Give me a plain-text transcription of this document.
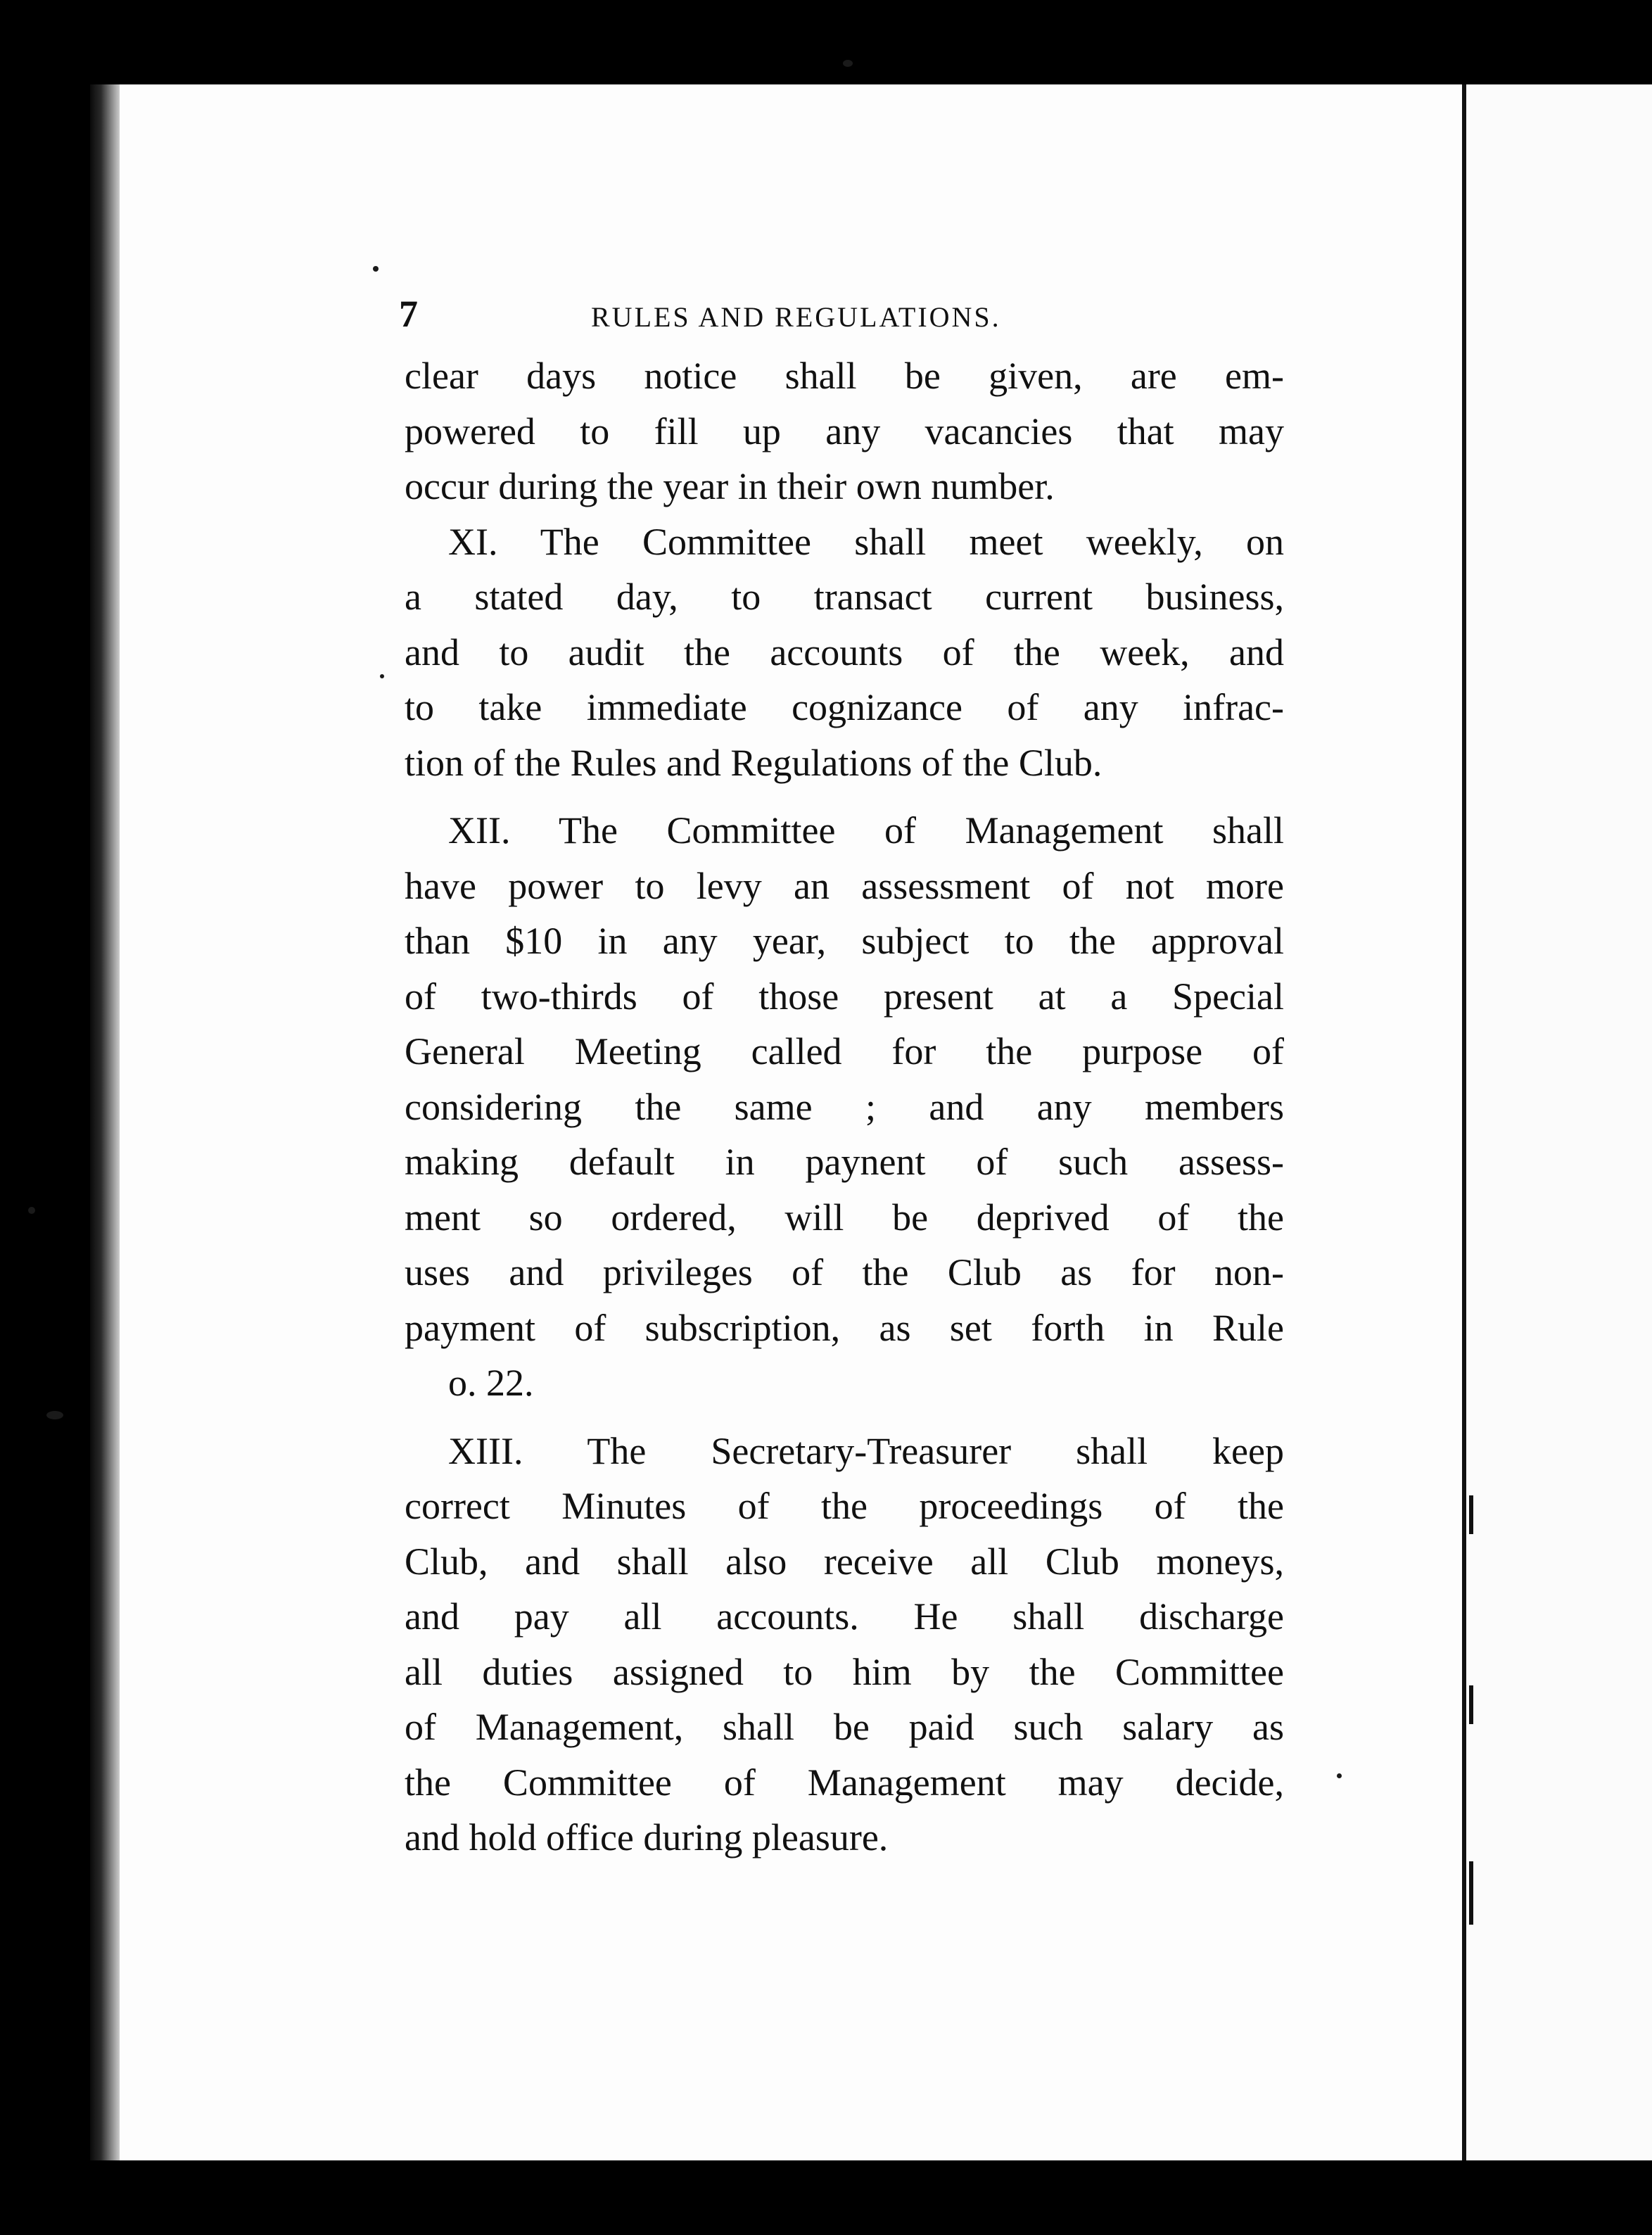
7	RULES AND REGULATIONS.
clear days notice shall be given, are em-
powered to fill up any vacancies that may
occur during the year in their own number.
XI. The Committee shall meet weekly, on
a stated day, to transact current business,
and to audit the accounts of the week, and
to take immediate cognizance of any infrac-
tion of the Rules and Regulations of the Club.
XII. The Committee of Management shall
have power to levy an assessment of not more
than $10 in any year, subject to the approval
of two-thirds of those present at a Special
General Meeting called for the purpose of
considering the same ; and any members
making default in paynent of such assess-
ment so ordered, will be deprived of the
uses and privileges of the Club as for non-
payment of subscription, as set forth in Rule
o. 22.
XIII. The Secretary-Treasurer shall keep
correct Minutes of the proceedings of the
Club, and shall also receive all Club moneys,
and pay all accounts. He shall discharge
all duties assigned to him by the Committee
of Management, shall be paid such salary as
the Committee of Management may decide,
and hold office during pleasure.
